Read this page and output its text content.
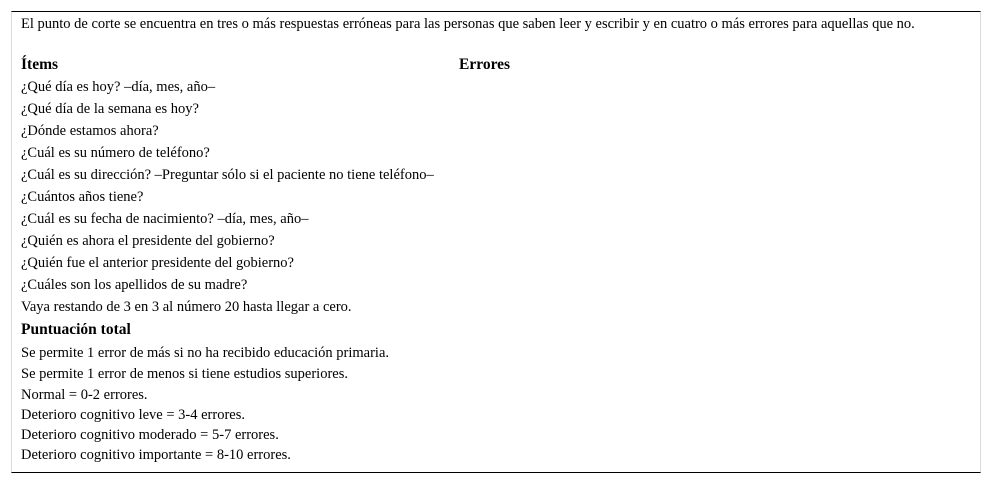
El punto de corte se encuentra en tres o más respuestas erróneas para las personas que saben leer y escribir y en cuatro o más errores para aquellas que no.
Ítems	Errores
¿Qué día es hoy? –día, mes, año–
¿Qué día de la semana es hoy?
¿Dónde estamos ahora?
¿Cuál es su número de teléfono?
¿Cuál es su dirección? –Preguntar sólo si el paciente no tiene teléfono–
¿Cuántos años tiene?
¿Cuál es su fecha de nacimiento? –día, mes, año–
¿Quién es ahora el presidente del gobierno?
¿Quién fue el anterior presidente del gobierno?
¿Cuáles son los apellidos de su madre?
Vaya restando de 3 en 3 al número 20 hasta llegar a cero.
Puntuación total
Se permite 1 error de más si no ha recibido educación primaria.
Se permite 1 error de menos si tiene estudios superiores.
Normal = 0-2 errores.
Deterioro cognitivo leve = 3-4 errores.
Deterioro cognitivo moderado = 5-7 errores.
Deterioro cognitivo importante = 8-10 errores.
